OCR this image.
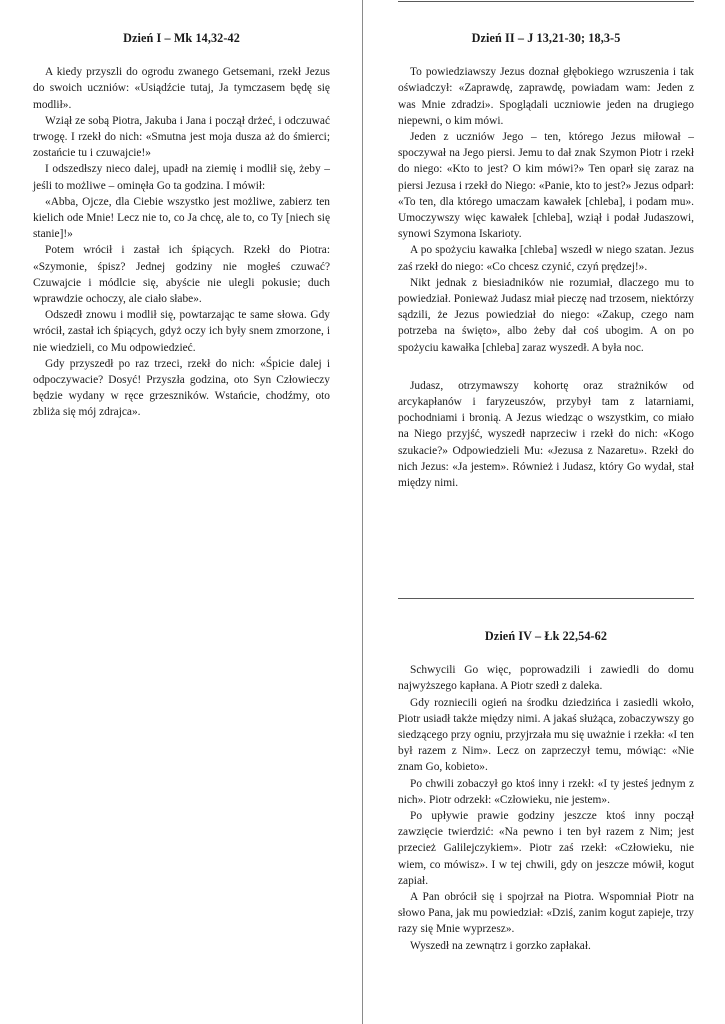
Dzień I – Mk 14,32-42

A kiedy przyszli do ogrodu zwanego Getsemani, rzekł Jezus do swoich uczniów: «Usiądźcie tutaj, Ja tymczasem będę się modlił».

Wziął ze sobą Piotra, Jakuba i Jana i począł drżeć, i odczuwać trwogę. I rzekł do nich: «Smutna jest moja dusza aż do śmierci; zostańcie tu i czuwajcie!»

I odszedłszy nieco dalej, upadł na ziemię i modlił się, żeby – jeśli to możliwe – ominęła Go ta godzina. I mówił:

«Abba, Ojcze, dla Ciebie wszystko jest możliwe, zabierz ten kielich ode Mnie! Lecz nie to, co Ja chcę, ale to, co Ty [niech się stanie]!»

Potem wrócił i zastał ich śpiących. Rzekł do Piotra: «Szymonie, śpisz? Jednej godziny nie mogłeś czuwać? Czuwajcie i módlcie się, abyście nie ulegli pokusie; duch wprawdzie ochoczy, ale ciało słabe».

Odszedł znowu i modlił się, powtarzając te same słowa. Gdy wrócił, zastał ich śpiących, gdyż oczy ich były snem zmorzone, i nie wiedzieli, co Mu odpowiedzieć.

Gdy przyszedł po raz trzeci, rzekł do nich: «Śpicie dalej i odpoczywacie? Dosyć! Przyszła godzina, oto Syn Człowieczy będzie wydany w ręce grzeszników. Wstańcie, chodźmy, oto zbliża się mój zdrajca».

Dzień II – J 13,21-30; 18,3-5

To powiedziawszy Jezus doznał głębokiego wzruszenia i tak oświadczył: «Zaprawdę, zaprawdę, powiadam wam: Jeden z was Mnie zdradzi». Spoglądali uczniowie jeden na drugiego niepewni, o kim mówi.

Jeden z uczniów Jego – ten, którego Jezus miłował – spoczywał na Jego piersi. Jemu to dał znak Szymon Piotr i rzekł do niego: «Kto to jest? O kim mówi?» Ten oparł się zaraz na piersi Jezusa i rzekł do Niego: «Panie, kto to jest?» Jezus odparł: «To ten, dla którego umaczam kawałek [chleba], i podam mu». Umoczywszy więc kawałek [chleba], wziął i podał Judaszowi, synowi Szymona Iskarioty.

A po spożyciu kawałka [chleba] wszedł w niego szatan. Jezus zaś rzekł do niego: «Co chcesz czynić, czyń prędzej!».

Nikt jednak z biesiadników nie rozumiał, dlaczego mu to powiedział. Ponieważ Judasz miał pieczę nad trzosem, niektórzy sądzili, że Jezus powiedział do niego: «Zakup, czego nam potrzeba na święto», albo żeby dał coś ubogim. A on po spożyciu kawałka [chleba] zaraz wyszedł. A była noc.

Judasz, otrzymawszy kohortę oraz strażników od arcykapłanów i faryzeuszów, przybył tam z latarniami, pochodniami i bronią. A Jezus wiedząc o wszystkim, co miało na Niego przyjść, wyszedł naprzeciw i rzekł do nich: «Kogo szukacie?» Odpowiedzieli Mu: «Jezusa z Nazaretu». Rzekł do nich Jezus: «Ja jestem». Również i Judasz, który Go wydał, stał między nimi.

Dzień IV – Łk 22,54-62

Schwycili Go więc, poprowadzili i zawiedli do domu najwyższego kapłana. A Piotr szedł z daleka.

Gdy rozniecili ogień na środku dziedzińca i zasiedli wkoło, Piotr usiadł także między nimi. A jakaś służąca, zobaczywszy go siedzącego przy ogniu, przyjrzała mu się uważnie i rzekła: «I ten był razem z Nim». Lecz on zaprzeczył temu, mówiąc: «Nie znam Go, kobieto».

Po chwili zobaczył go ktoś inny i rzekł: «I ty jesteś jednym z nich». Piotr odrzekł: «Człowieku, nie jestem».

Po upływie prawie godziny jeszcze ktoś inny począł zawzięcie twierdzić: «Na pewno i ten był razem z Nim; jest przecież Galilejczykiem». Piotr zaś rzekł: «Człowieku, nie wiem, co mówisz». I w tej chwili, gdy on jeszcze mówił, kogut zapiał.

A Pan obrócił się i spojrzał na Piotra. Wspomniał Piotr na słowo Pana, jak mu powiedział: «Dziś, zanim kogut zapieje, trzy razy się Mnie wyprzesz».

Wyszedł na zewnątrz i gorzko zapłakał.
